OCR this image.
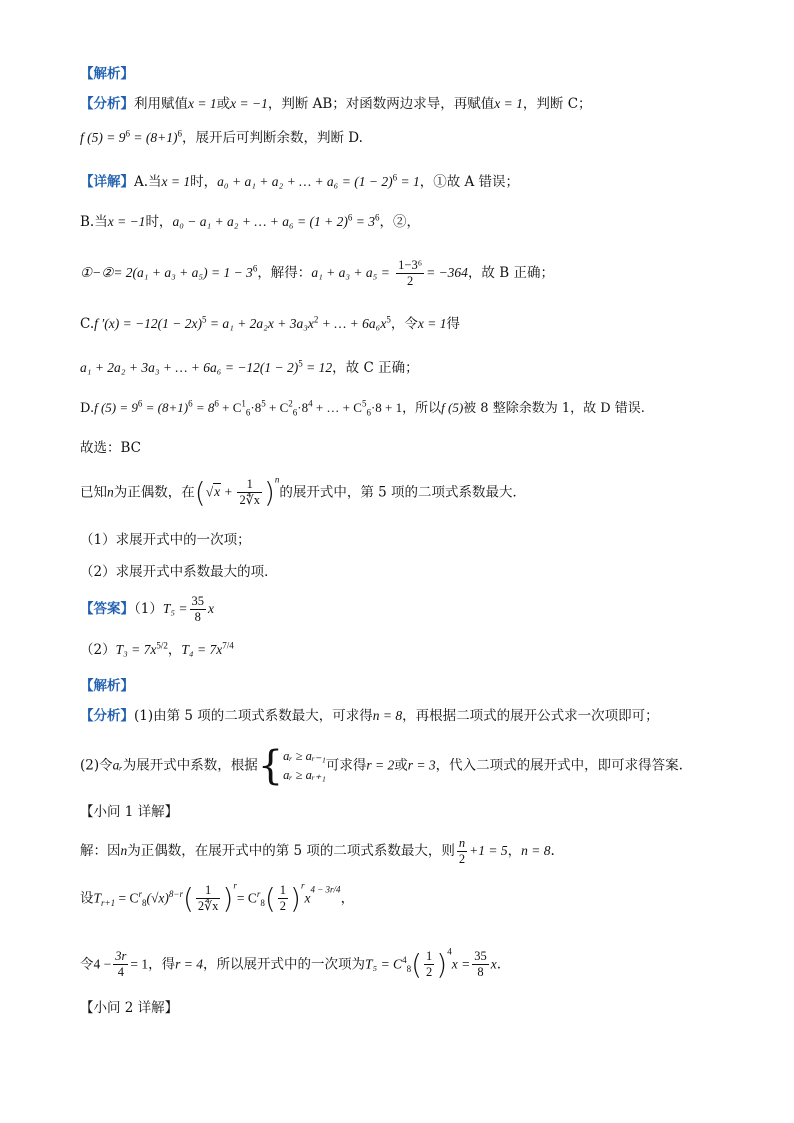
【解析】
【分析】利用赋值x = 1或x = −1，判断 AB；对函数两边求导，再赋值x = 1，判断 C；
f $(5) = 9^6 = (8+1)^6$，展开后可判断余数，判断 D.
【详解】A.当x = 1时，a₀ + a₁ + a₂ + … + $a_6 = (1 - 2)^6 = 1$，①故 A 错误；
B.当x = −1时，a₀ − a₁ + a₂ + … + $a_6 = (1 + 2)^6 = 3^6$，②，
①−②= $2(a_1 + a_3 + a_5) = 1 - 3^6$，解得：$a_1 + a_3 + a_5 = \frac{\text{1−3⁶}}{2} = -364$，故 B 正确；
C.f $'(x) = -12(1 - 2x)^5 = a_1 + 2a_2x + 3a_3x^2$ + … + $6a_6x^5$，令x = 1得
a₁ + 2a₂ + 3a₃ + … + $6a_6 = -12(1 - 2)^5 = 12$，故 C 正确；
D.f $(5) = 9^6 = (8+1)^6 = 8^6 + C^1_6\cdot 8^5 + C^2_6\cdot 8^4$ + … + $C^5_6\cdot 8 + 1$，所以f (5)被 8 整除余数为 1，故 D 错误.
故选：BC
已知n为正偶数，在$(√x + \frac{1}{2∜x} )^n$的展开式中，第 5 项的二项式系数最大．
（1）求展开式中的一次项；
（2）求展开式中系数最大的项．
【答案】$(1)T_5 = \frac{35}{8}$ x
$(2)T_3 = 7x^{5/2}$，$T_4 = 7x^{7/4}$
【解析】
【分析】(1)由第 5 项的二项式系数最大，可求得n = 8，再根据二项式的展开公式求一次项即可；
(2)令aᵣ为展开式中系数，根据{ aᵣ ≥ aᵣ₋₁
aᵣ ≥ aᵣ₊₁
可求得r = 2或r = 3，代入二项式的展开式中，即可求得答案.
【小问 1 详解】
解：因n为正偶数，在展开式中的第 5 项的二项式系数最大，则 $\frac{n}{2} +1 = 5$，n = 8.
设$T_{r+1} = C^r_8(√x)^{8-r}( \frac{1}{2∜x} )^r= C^r_8( \frac{1}{2} )^rx^{4 - 3r/4}$，
令$4 - \frac{3r}{4} = 1$，得r = 4，所以展开式中的一次项为$T_5 = C^4_8( \frac{1}{2} )^4x = \frac{35}{8} x$.
【小问 2 详解】
